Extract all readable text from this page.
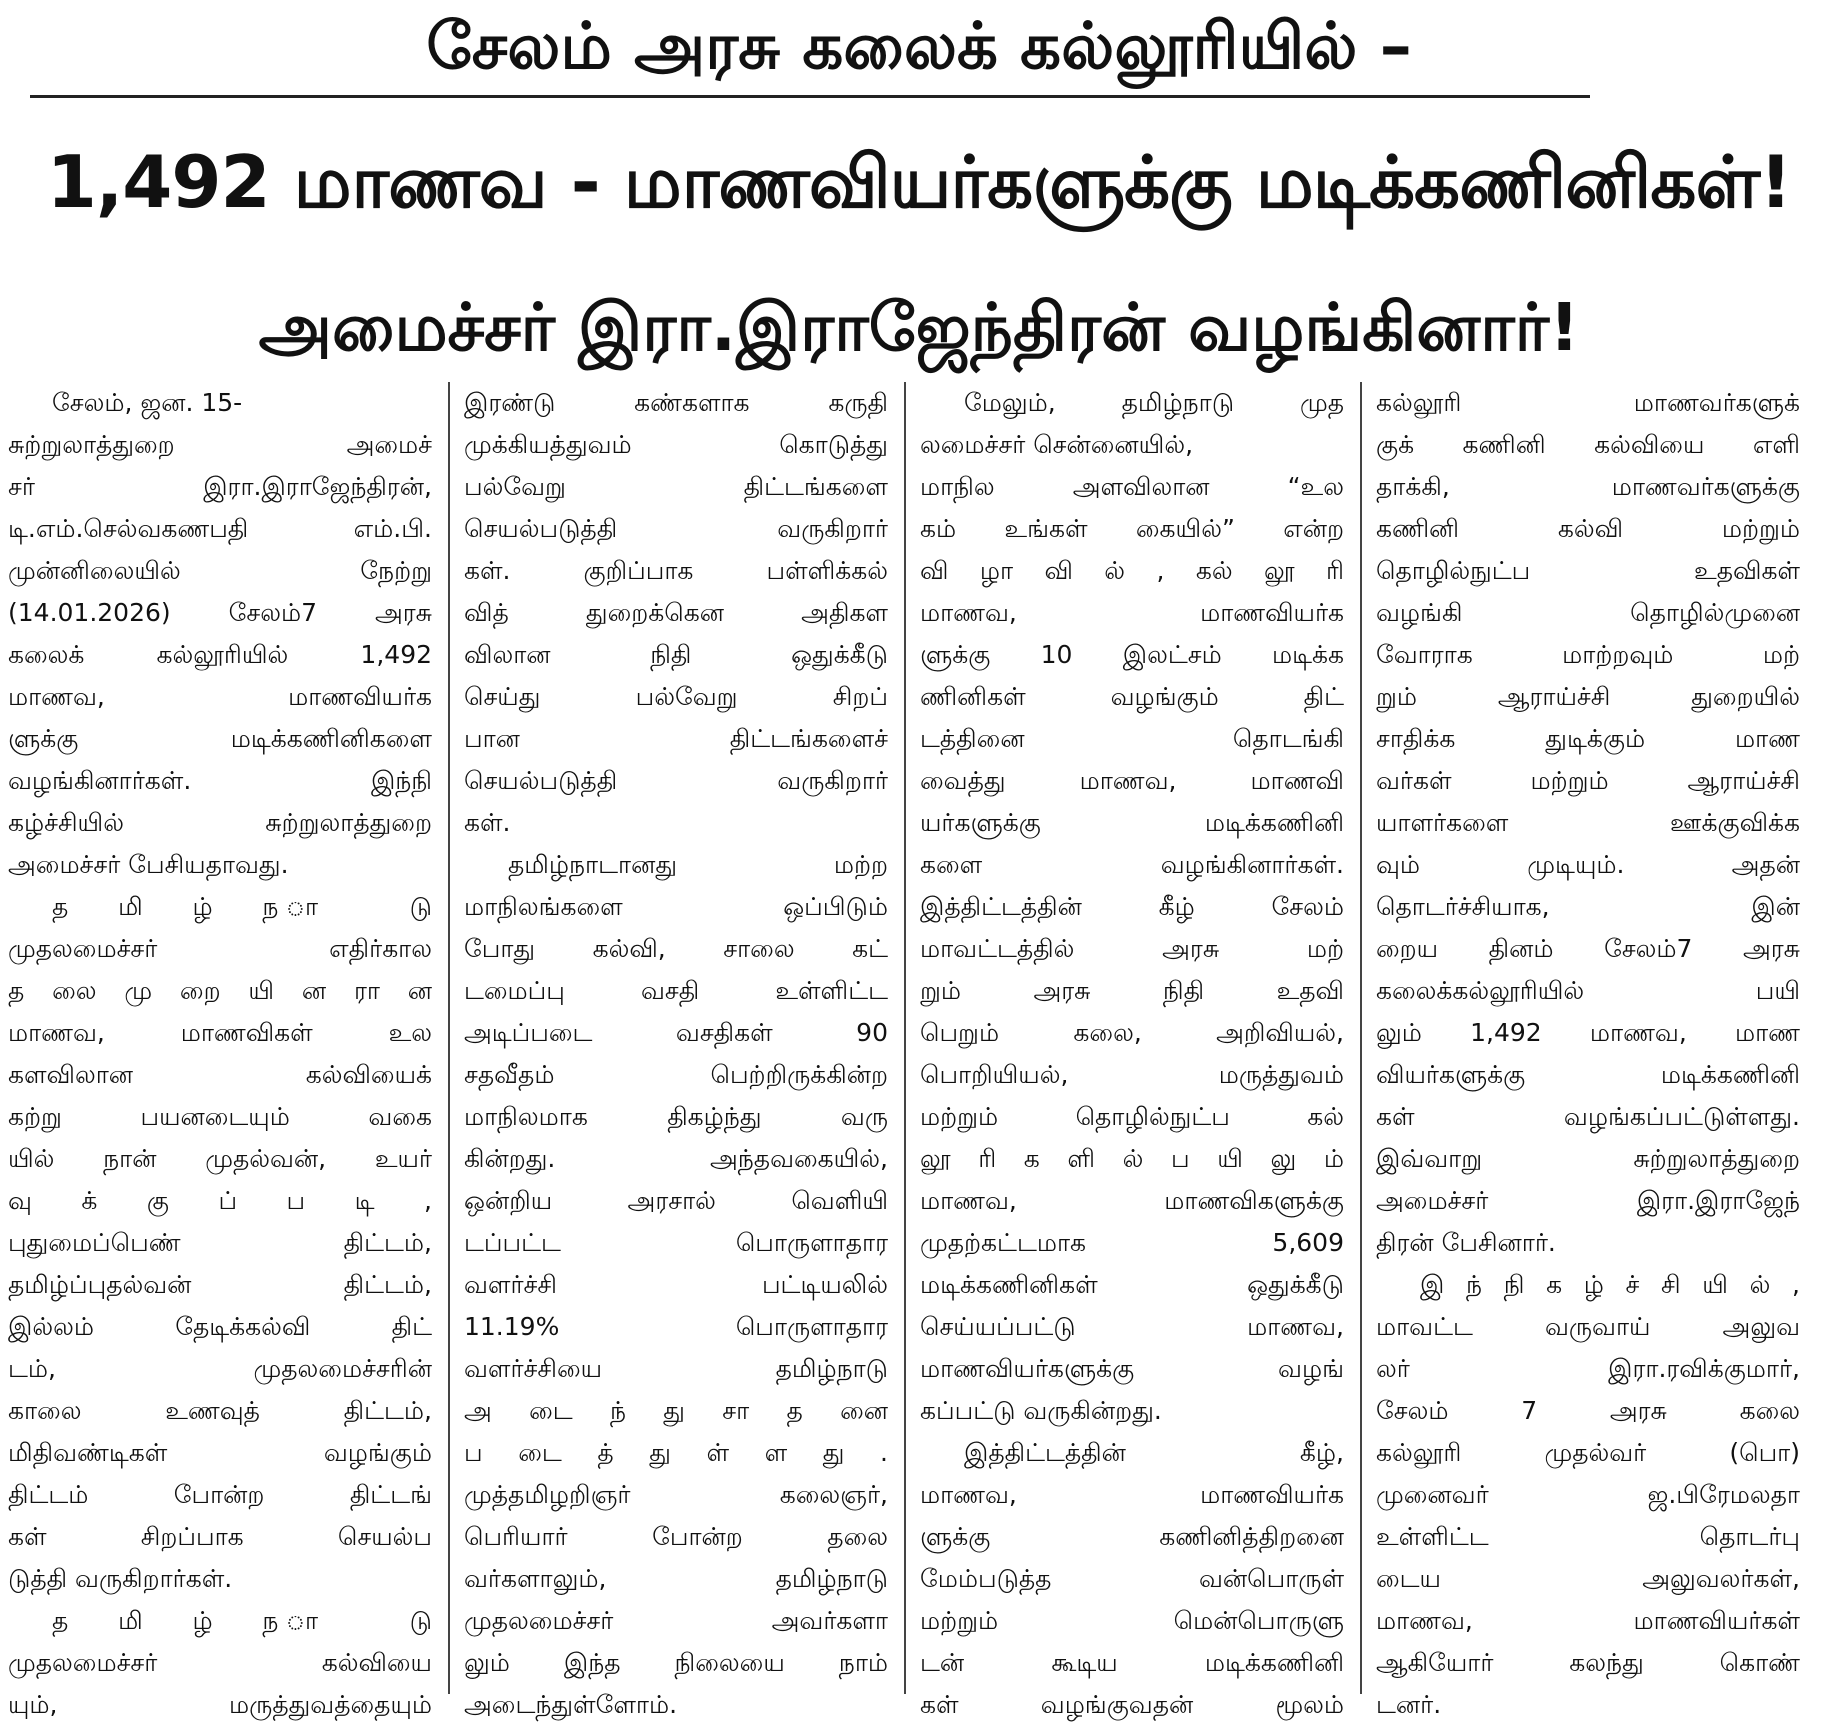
சேலம் அரசு கலைக் கல்லூரியில் –
1,492 மாணவ - மாணவியர்களுக்கு மடிக்கணினிகள்!
அமைச்சர் இரா.இராஜேந்திரன் வழங்கினார்!
சேலம், ஜன. 15-
சுற்றுலாத்துறை அமைச்
சர் இரா.இராஜேந்திரன்,
டி.எம்.செல்வகணபதி எம்.பி.
முன்னிலையில் நேற்று
(14.01.2026) சேலம்7 அரசு
கலைக் கல்லூரியில் 1,492
மாணவ, மாணவியர்க
ளுக்கு மடிக்கணினிகளை
வழங்கினார்கள். இந்நி
கழ்ச்சியில் சுற்றுலாத்துறை
அமைச்சர் பேசியதாவது.
த மி ழ் ந ா டு
முதலமைச்சர் எதிர்கால
த லை மு றை யி ன ரா ன
மாணவ, மாணவிகள் உல
களவிலான கல்வியைக்
கற்று பயனடையும் வகை
யில் நான் முதல்வன், உயர்
வு க் கு ப் ப டி ,
புதுமைப்பெண் திட்டம்,
தமிழ்ப்புதல்வன் திட்டம்,
இல்லம் தேடிக்கல்வி திட்
டம், முதலமைச்சரின்
காலை உணவுத் திட்டம்,
மிதிவண்டிகள் வழங்கும்
திட்டம் போன்ற திட்டங்
கள் சிறப்பாக செயல்ப
டுத்தி வருகிறார்கள்.
த மி ழ் ந ா டு
முதலமைச்சர் கல்வியை
யும், மருத்துவத்தையும்
இரண்டு கண்களாக கருதி
முக்கியத்துவம் கொடுத்து
பல்வேறு திட்டங்களை
செயல்படுத்தி வருகிறார்
கள். குறிப்பாக பள்ளிக்கல்
வித் துறைக்கென அதிகள
விலான நிதி ஒதுக்கீடு
செய்து பல்வேறு சிறப்
பான திட்டங்களைச்
செயல்படுத்தி வருகிறார்
கள்.
தமிழ்நாடானது மற்ற
மாநிலங்களை ஒப்பிடும்
போது கல்வி, சாலை கட்
டமைப்பு வசதி உள்ளிட்ட
அடிப்படை வசதிகள் 90
சதவீதம் பெற்றிருக்கின்ற
மாநிலமாக திகழ்ந்து வரு
கின்றது. அந்தவகையில்,
ஒன்றிய அரசால் வெளியி
டப்பட்ட பொருளாதார
வளர்ச்சி பட்டியலில்
11.19% பொருளாதார
வளர்ச்சியை தமிழ்நாடு
அ டை ந் து சா த னை
ப டை த் து ள் ள து .
முத்தமிழறிஞர் கலைஞர்,
பெரியார் போன்ற தலை
வர்களாலும், தமிழ்நாடு
முதலமைச்சர் அவர்களா
லும் இந்த நிலையை நாம்
அடைந்துள்ளோம்.
மேலும், தமிழ்நாடு முத
லமைச்சர் சென்னையில்,
மாநில அளவிலான “உல
கம் உங்கள் கையில்” என்ற
வி ழா வி ல் , கல் லூ ரி
மாணவ, மாணவியர்க
ளுக்கு 10 இலட்சம் மடிக்க
ணினிகள் வழங்கும் திட்
டத்தினை தொடங்கி
வைத்து மாணவ, மாணவி
யர்களுக்கு மடிக்கணினி
களை வழங்கினார்கள்.
இத்திட்டத்தின் கீழ் சேலம்
மாவட்டத்தில் அரசு மற்
றும் அரசு நிதி உதவி
பெறும் கலை, அறிவியல்,
பொறியியல், மருத்துவம்
மற்றும் தொழில்நுட்ப கல்
லூ ரி க ளி ல் ப யி லு ம்
மாணவ, மாணவிகளுக்கு
முதற்கட்டமாக 5,609
மடிக்கணினிகள் ஒதுக்கீடு
செய்யப்பட்டு மாணவ,
மாணவியர்களுக்கு வழங்
கப்பட்டு வருகின்றது.
இத்திட்டத்தின் கீழ்,
மாணவ, மாணவியர்க
ளுக்கு கணினித்திறனை
மேம்படுத்த வன்பொருள்
மற்றும் மென்பொருளு
டன் கூடிய மடிக்கணினி
கள் வழங்குவதன் மூலம்
கல்லூரி மாணவர்களுக்
குக் கணினி கல்வியை எளி
தாக்கி, மாணவர்களுக்கு
கணினி கல்வி மற்றும்
தொழில்நுட்ப உதவிகள்
வழங்கி தொழில்முனை
வோராக மாற்றவும் மற்
றும் ஆராய்ச்சி துறையில்
சாதிக்க துடிக்கும் மாண
வர்கள் மற்றும் ஆராய்ச்சி
யாளர்களை ஊக்குவிக்க
வும் முடியும். அதன்
தொடர்ச்சியாக, இன்
றைய தினம் சேலம்7 அரசு
கலைக்கல்லூரியில் பயி
லும் 1,492 மாணவ, மாண
வியர்களுக்கு மடிக்கணினி
கள் வழங்கப்பட்டுள்ளது.
இவ்வாறு சுற்றுலாத்துறை
அமைச்சர் இரா.இராஜேந்
திரன் பேசினார்.
இ ந் நி க ழ் ச் சி யி ல் ,
மாவட்ட வருவாய் அலுவ
லர் இரா.ரவிக்குமார்,
சேலம் 7 அரசு கலை
கல்லூரி முதல்வர் (பொ)
முனைவர் ஜ.பிரேமலதா
உள்ளிட்ட தொடர்பு
டைய அலுவலர்கள்,
மாணவ, மாணவியர்கள்
ஆகியோர் கலந்து கொண்
டனர்.
